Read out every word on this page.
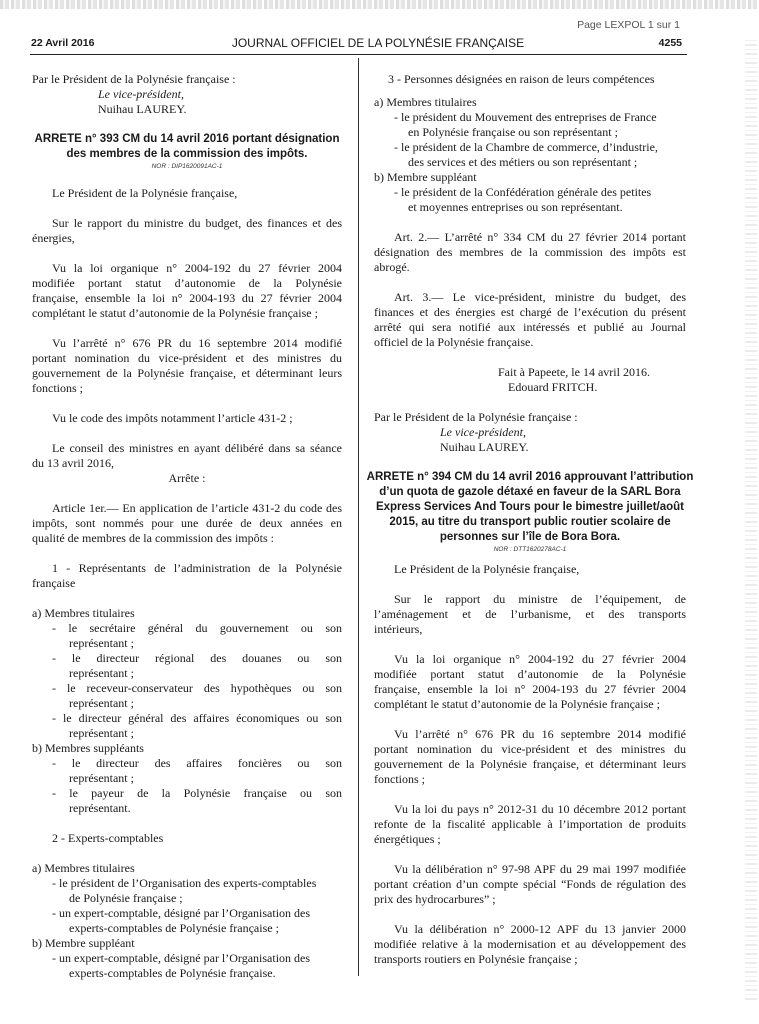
Page LEXPOL 1 sur 1
22 Avril 2016	JOURNAL OFFICIEL DE LA POLYNÉSIE FRANÇAISE	4255
Par le Président de la Polynésie française :
Le vice-président,
Nuihau LAUREY.
ARRETE n° 393 CM du 14 avril 2016 portant désignation
des membres de la commission des impôts.
NOR : DIP1620091AC-1
Le Président de la Polynésie française,
Sur le rapport du ministre du budget, des finances et des
énergies,
Vu la loi organique n° 2004-192 du 27 février 2004
modifiée portant statut d’autonomie de la Polynésie
française, ensemble la loi n° 2004-193 du 27 février 2004
complétant le statut d’autonomie de la Polynésie française ;
Vu l’arrêté n° 676 PR du 16 septembre 2014 modifié
portant nomination du vice-président et des ministres du
gouvernement de la Polynésie française, et déterminant leurs
fonctions ;
Vu le code des impôts notamment l’article 431-2 ;
Le conseil des ministres en ayant délibéré dans sa séance
du 13 avril 2016,
Arrête :
Article 1er.— En application de l’article 431-2 du code des
impôts, sont nommés pour une durée de deux années en
qualité de membres de la commission des impôts :
1 - Représentants de l’administration de la Polynésie
française
a) Membres titulaires
- le secrétaire général du gouvernement ou son
représentant ;
- le directeur régional des douanes ou son
représentant ;
- le receveur-conservateur des hypothèques ou son
représentant ;
- le directeur général des affaires économiques ou son
représentant ;
b) Membres suppléants
- le directeur des affaires foncières ou son
représentant ;
- le payeur de la Polynésie française ou son
représentant.
2 - Experts-comptables
a) Membres titulaires
- le président de l’Organisation des experts-comptables
de Polynésie française ;
- un expert-comptable, désigné par l’Organisation des
experts-comptables de Polynésie française ;
b) Membre suppléant
- un expert-comptable, désigné par l’Organisation des
experts-comptables de Polynésie française.
3 - Personnes désignées en raison de leurs compétences
a) Membres titulaires
- le président du Mouvement des entreprises de France
en Polynésie française ou son représentant ;
- le président de la Chambre de commerce, d’industrie,
des services et des métiers ou son représentant ;
b) Membre suppléant
- le président de la Confédération générale des petites
et moyennes entreprises ou son représentant.
Art. 2.— L’arrêté n° 334 CM du 27 février 2014 portant
désignation des membres de la commission des impôts est
abrogé.
Art. 3.— Le vice-président, ministre du budget, des
finances et des énergies est chargé de l’exécution du présent
arrêté qui sera notifié aux intéressés et publié au Journal
officiel de la Polynésie française.
Fait à Papeete, le 14 avril 2016.
Edouard FRITCH.
Par le Président de la Polynésie française :
Le vice-président,
Nuihau LAUREY.
ARRETE n° 394 CM du 14 avril 2016 approuvant l’attribution
d’un quota de gazole détaxé en faveur de la SARL Bora
Express Services And Tours pour le bimestre juillet/août
2015, au titre du transport public routier scolaire de
personnes sur l’île de Bora Bora.
NOR : DTT1620278AC-1
Le Président de la Polynésie française,
Sur le rapport du ministre de l’équipement, de
l’aménagement et de l’urbanisme, et des transports
intérieurs,
Vu la loi organique n° 2004-192 du 27 février 2004
modifiée portant statut d’autonomie de la Polynésie
française, ensemble la loi n° 2004-193 du 27 février 2004
complétant le statut d’autonomie de la Polynésie française ;
Vu l’arrêté n° 676 PR du 16 septembre 2014 modifié
portant nomination du vice-président et des ministres du
gouvernement de la Polynésie française, et déterminant leurs
fonctions ;
Vu la loi du pays n° 2012-31 du 10 décembre 2012 portant
refonte de la fiscalité applicable à l’importation de produits
énergétiques ;
Vu la délibération n° 97-98 APF du 29 mai 1997 modifiée
portant création d’un compte spécial “Fonds de régulation des
prix des hydrocarbures” ;
Vu la délibération n° 2000-12 APF du 13 janvier 2000
modifiée relative à la modernisation et au développement des
transports routiers en Polynésie française ;
